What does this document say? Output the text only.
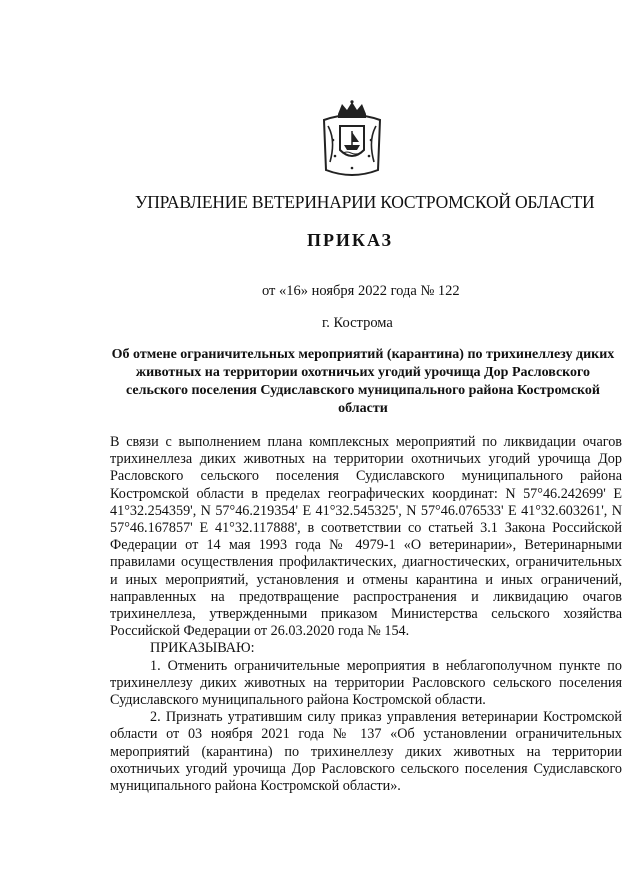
УПРАВЛЕНИЕ ВЕТЕРИНАРИИ КОСТРОМСКОЙ ОБЛАСТИ
ПРИКАЗ
от «16» ноября 2022 года № 122
г. Кострома
Об отмене ограничительных мероприятий (карантина) по трихинеллезу диких животных на территории охотничьих угодий урочища Дор Расловского сельского поселения Судиславского муниципального района Костромской области

В связи с выполнением плана комплексных мероприятий по ликвидации очагов трихинеллеза диких животных на территории охотничьих угодий урочища Дор Расловского сельского поселения Судиславского муниципального района Костромской области в пределах географических координат: N 57°46.242699' E 41°32.254359', N 57°46.219354' E 41°32.545325', N 57°46.076533' E 41°32.603261', N 57°46.167857' E 41°32.117888', в соответствии со статьей 3.1 Закона Российской Федерации от 14 мая 1993 года № 4979-1 «О ветеринарии», Ветеринарными правилами осуществления профилактических, диагностических, ограничительных и иных мероприятий, установления и отмены карантина и иных ограничений, направленных на предотвращение распространения и ликвидацию очагов трихинеллеза, утвержденными приказом Министерства сельского хозяйства Российской Федерации от 26.03.2020 года № 154.

ПРИКАЗЫВАЮ:

1. Отменить ограничительные мероприятия в неблагополучном пункте по трихинеллезу диких животных на территории Расловского сельского поселения Судиславского муниципального района Костромской области.

2. Признать утратившим силу приказ управления ветеринарии Костромской области от 03 ноября 2021 года № 137 «Об установлении ограничительных мероприятий (карантина) по трихинеллезу диких животных на территории охотничьих угодий урочища Дор Расловского сельского поселения Судиславского муниципального района Костромской области».
